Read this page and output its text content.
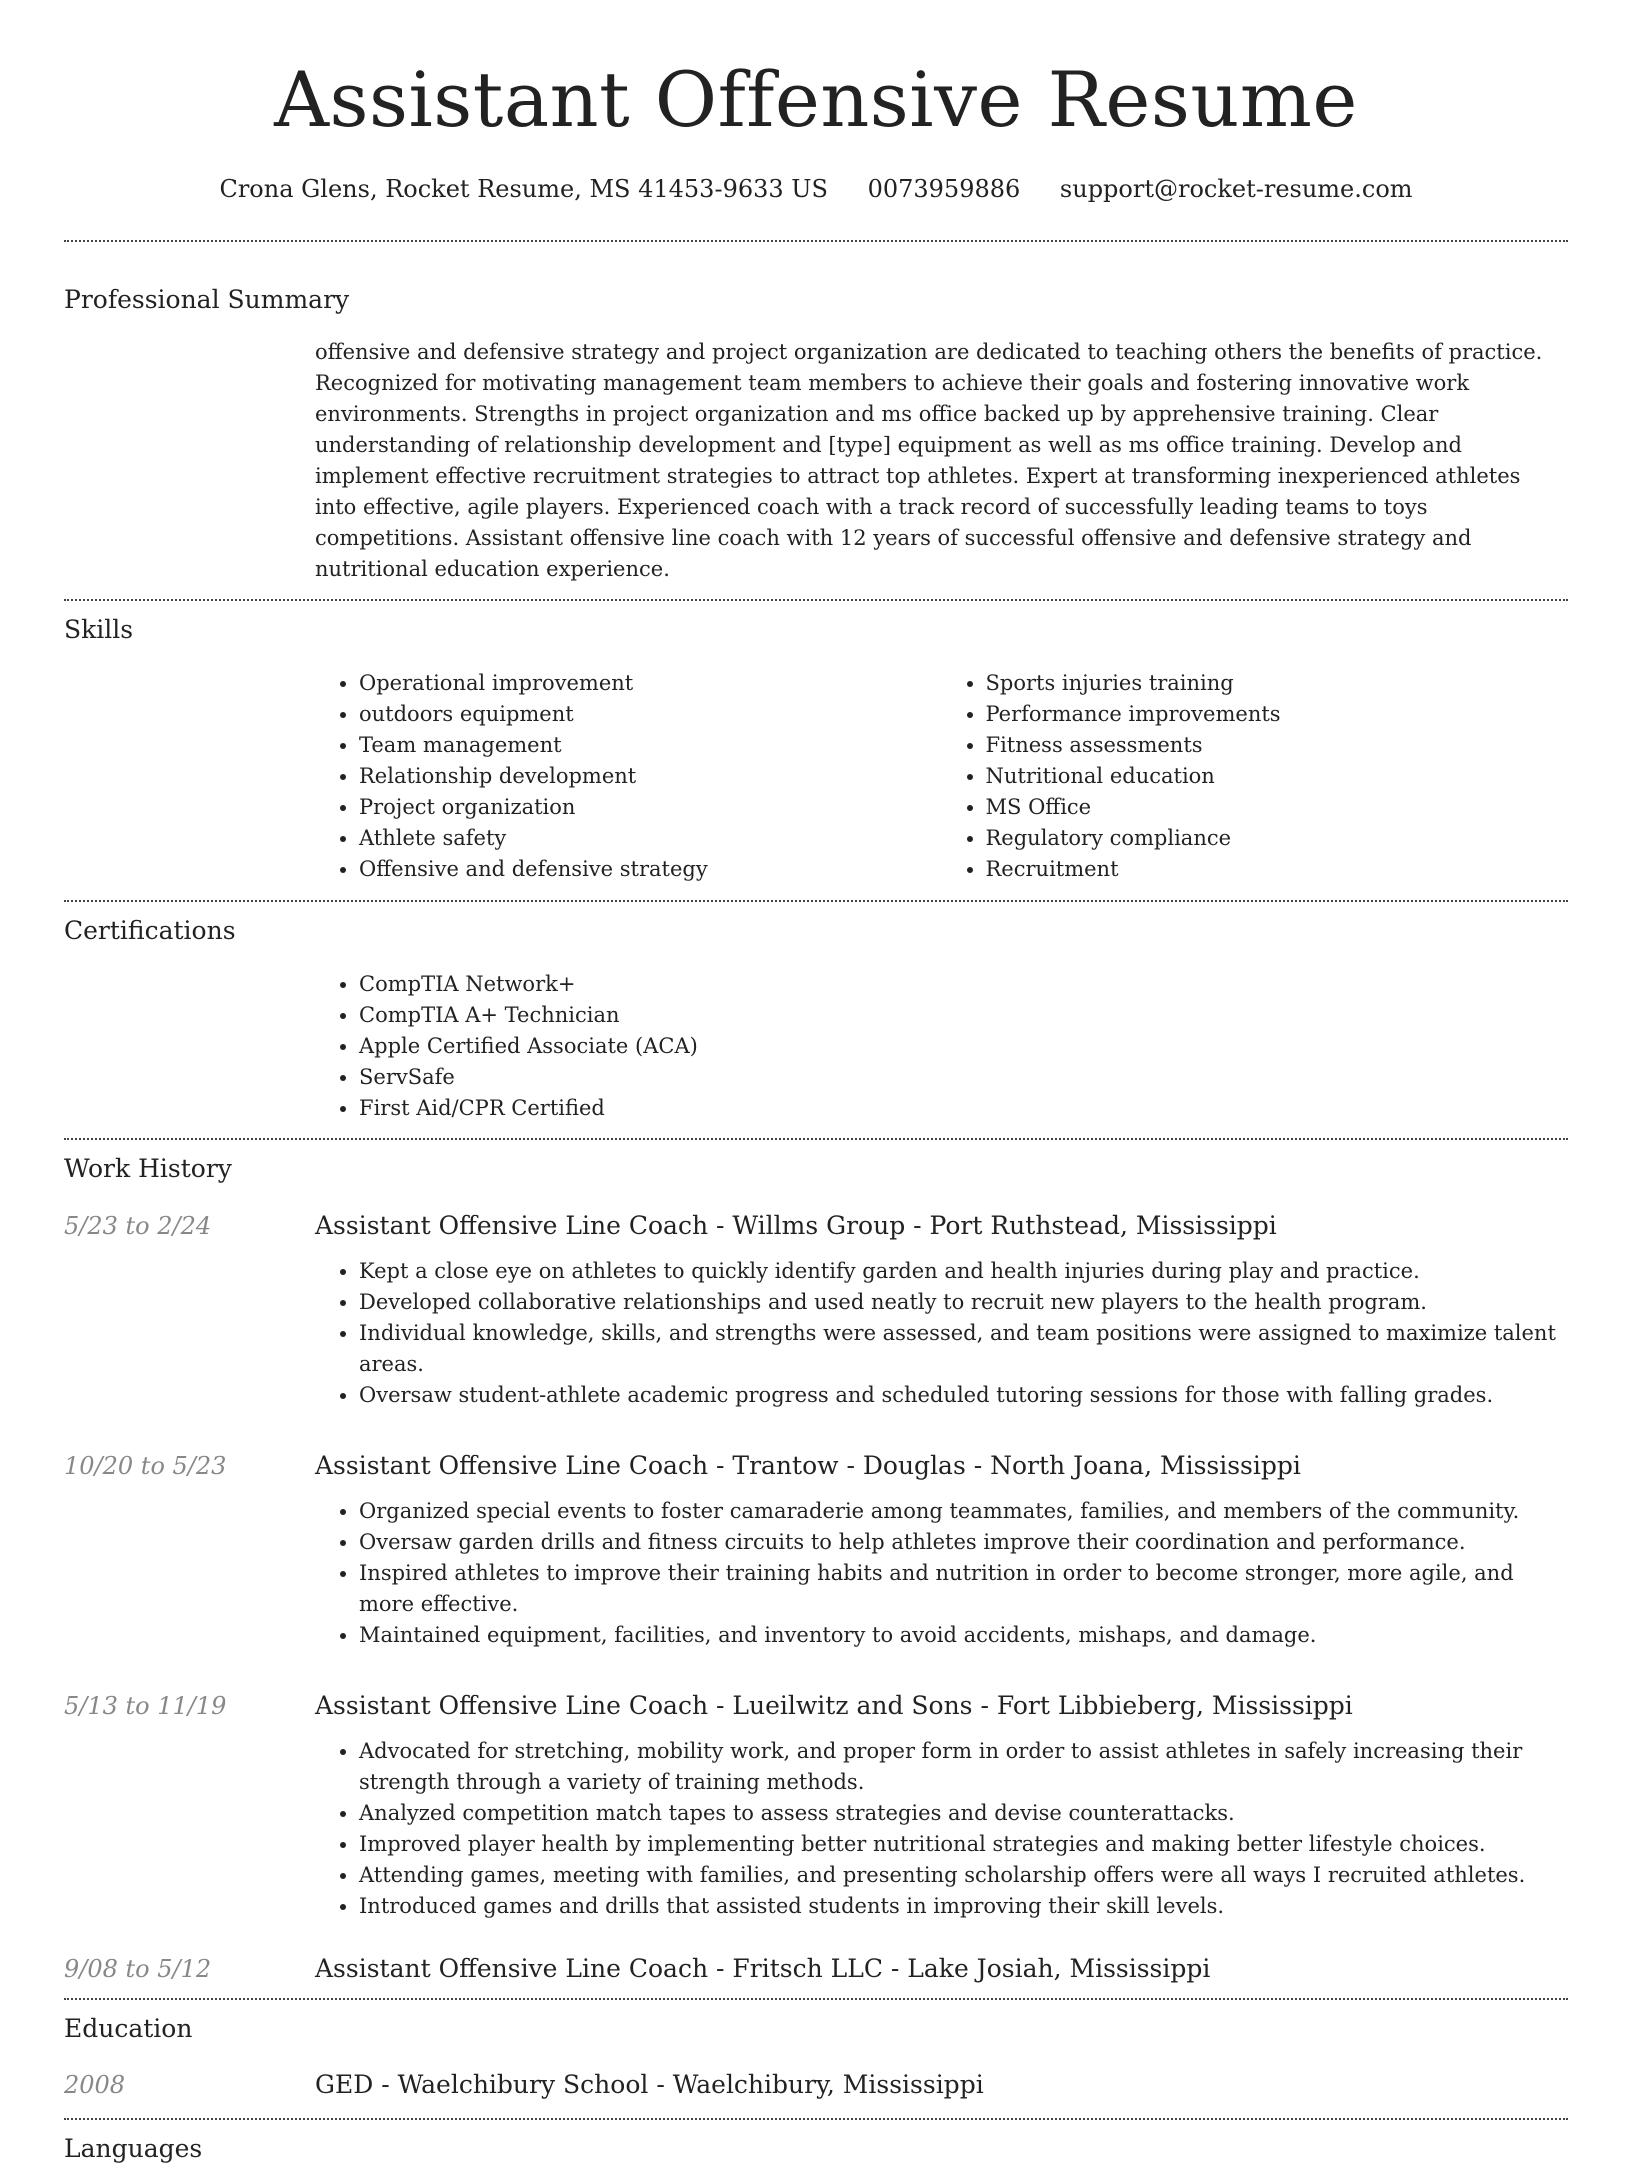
Assistant Offensive Resume
Crona Glens, Rocket Resume, MS 41453-9633 US 0073959886 support@rocket-resume.com
Professional Summary
offensive and defensive strategy and project organization are dedicated to teaching others the benefits of practice. Recognized for motivating management team members to achieve their goals and fostering innovative work environments. Strengths in project organization and ms office backed up by apprehensive training. Clear understanding of relationship development and [type] equipment as well as ms office training. Develop and implement effective recruitment strategies to attract top athletes. Expert at transforming inexperienced athletes into effective, agile players. Experienced coach with a track record of successfully leading teams to toys competitions. Assistant offensive line coach with 12 years of successful offensive and defensive strategy and nutritional education experience.
Skills
• Operational improvement
• outdoors equipment
• Team management
• Relationship development
• Project organization
• Athlete safety
• Offensive and defensive strategy
• Sports injuries training
• Performance improvements
• Fitness assessments
• Nutritional education
• MS Office
• Regulatory compliance
• Recruitment
Certifications
• CompTIA Network+
• CompTIA A+ Technician
• Apple Certified Associate (ACA)
• ServSafe
• First Aid/CPR Certified
Work History
5/23 to 2/24	Assistant Offensive Line Coach - Willms Group - Port Ruthstead, Mississippi
• Kept a close eye on athletes to quickly identify garden and health injuries during play and practice.
• Developed collaborative relationships and used neatly to recruit new players to the health program.
• Individual knowledge, skills, and strengths were assessed, and team positions were assigned to maximize talent areas.
• Oversaw student-athlete academic progress and scheduled tutoring sessions for those with falling grades.
10/20 to 5/23	Assistant Offensive Line Coach - Trantow - Douglas - North Joana, Mississippi
• Organized special events to foster camaraderie among teammates, families, and members of the community.
• Oversaw garden drills and fitness circuits to help athletes improve their coordination and performance.
• Inspired athletes to improve their training habits and nutrition in order to become stronger, more agile, and more effective.
• Maintained equipment, facilities, and inventory to avoid accidents, mishaps, and damage.
5/13 to 11/19	Assistant Offensive Line Coach - Lueilwitz and Sons - Fort Libbieberg, Mississippi
• Advocated for stretching, mobility work, and proper form in order to assist athletes in safely increasing their strength through a variety of training methods.
• Analyzed competition match tapes to assess strategies and devise counterattacks.
• Improved player health by implementing better nutritional strategies and making better lifestyle choices.
• Attending games, meeting with families, and presenting scholarship offers were all ways I recruited athletes.
• Introduced games and drills that assisted students in improving their skill levels.
9/08 to 5/12	Assistant Offensive Line Coach - Fritsch LLC - Lake Josiah, Mississippi
Education
2008	GED - Waelchibury School - Waelchibury, Mississippi
Languages
